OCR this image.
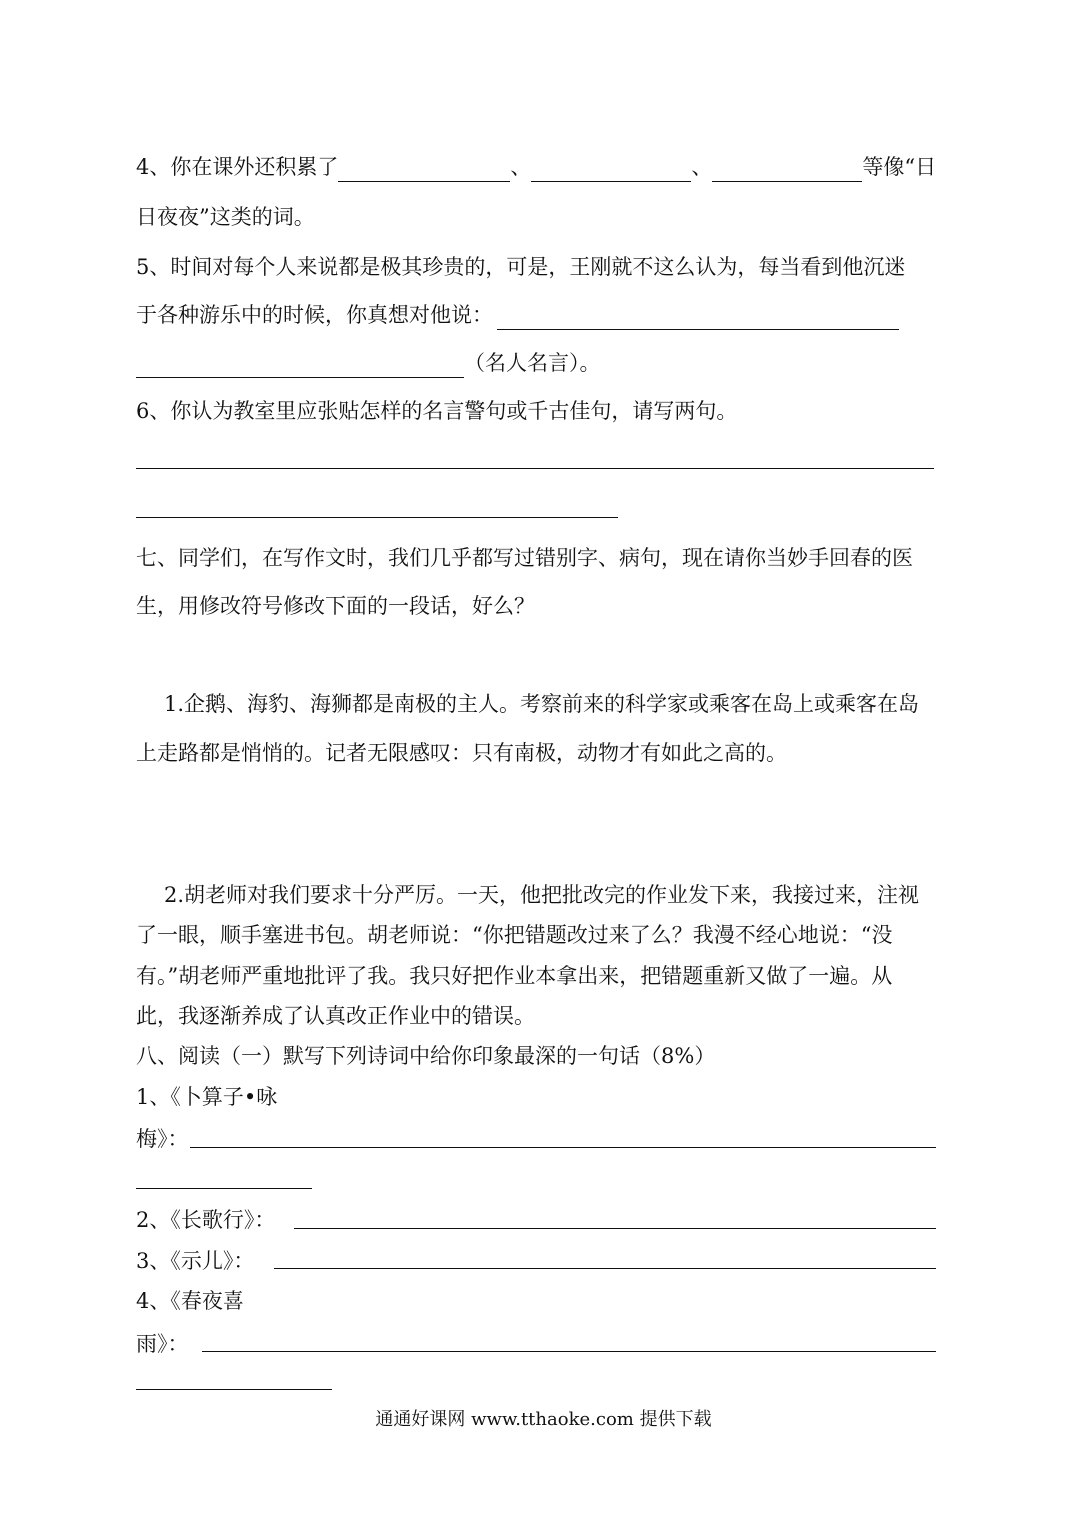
4、你在课外还积累了	、	、	等像“日
日夜夜”这类的词。
5、时间对每个人来说都是极其珍贵的，可是，王刚就不这么认为，每当看到他沉迷
于各种游乐中的时候，你真想对他说：
（名人名言）。
6、你认为教室里应张贴怎样的名言警句或千古佳句，请写两句。
七、同学们，在写作文时，我们几乎都写过错别字、病句，现在请你当妙手回春的医
生，用修改符号修改下面的一段话，好么？
1.企鹅、海豹、海狮都是南极的主人。考察前来的科学家或乘客在岛上或乘客在岛
上走路都是悄悄的。记者无限感叹：只有南极，动物才有如此之高的。
2.胡老师对我们要求十分严厉。一天，他把批改完的作业发下来，我接过来，注视
了一眼，顺手塞进书包。胡老师说：“你把错题改过来了么？我漫不经心地说：“没
有。”胡老师严重地批评了我。我只好把作业本拿出来，把错题重新又做了一遍。从
此，我逐渐养成了认真改正作业中的错误。
八、阅读（一）默写下列诗词中给你印象最深的一句话（8%）
1、《卜算子•咏
梅》：
2、《长歌行》：
3、《示儿》：
4、《春夜喜
雨》：
通通好课网 www.tthaoke.com 提供下载
